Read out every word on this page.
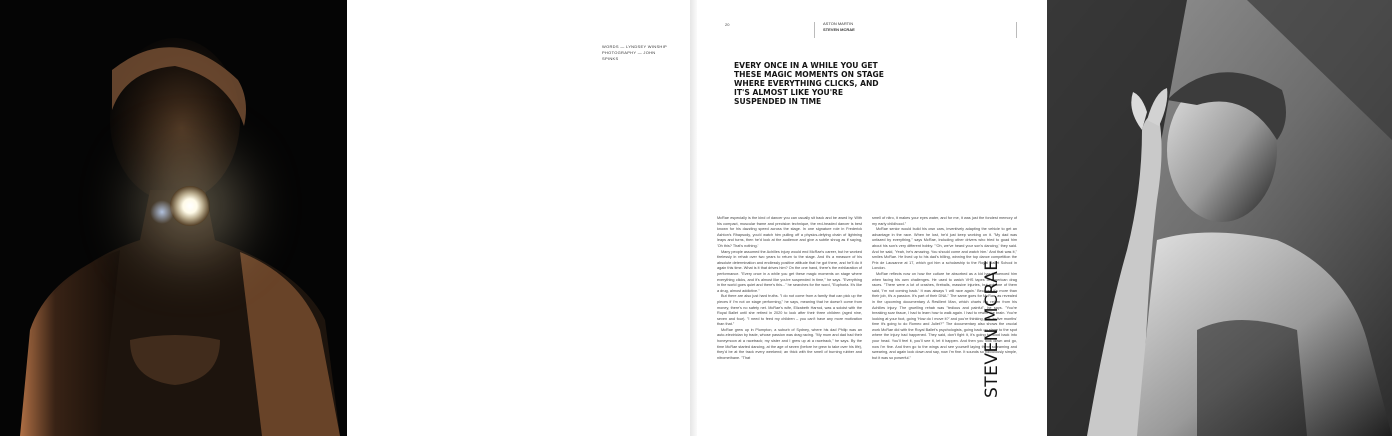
WORDS — LYNDSEY WINSHIP
PHOTOGRAPHY — JOHN SPINKS
20	ASTON MARTIN
STEVEN MCRAE
EVERY ONCE IN A WHILE YOU GET THESE MAGIC MOMENTS ON STAGE WHERE EVERYTHING CLICKS, AND IT'S ALMOST LIKE YOU'RE SUSPENDED IN TIME

McRae especially is the kind of dancer you can usually sit back and be awed by. With his compact, muscular frame and precision technique, the red-headed dancer is best known for his dazzling speed across the stage. In one signature role in Frederick Ashton's Rhapsody, you'd watch him pulling off a physics-defying chain of lightning leaps and turns, then he'd look at the audience and give a subtle shrug as if saying, 'Oh this? That's nothing.'

Many people assumed the Achilles injury would end McRae's career, but he worked tirelessly in rehab over two years to return to the stage. And it's a measure of his absolute determination and endlessly positive attitude that he got there, and he'll do it again this time. What is it that drives him? On the one hand, there's the exhilaration of performance. "Every once in a while you get these magic moments on stage where everything clicks, and it's almost like you're suspended in time," he says. "Everything in the world goes quiet and there's this..." he searches for the word, "Euphoria. It's like a drug, almost addictive."

But there are also just hard truths. "I do not come from a family that can pick up the pieces if I'm not on stage performing," he says, meaning that he doesn't come from money, there's no safety net. McRae's wife, Elizabeth Harrod, was a soloist with the Royal Ballet until she retired in 2020 to look after their three children (aged nine, seven and four). "I need to feed my children – you can't have any more motivation than that."

McRae grew up in Plumpton, a suburb of Sydney, where his dad Philip was an auto-electrician by trade, whose passion was drag racing. "My mum and dad had their honeymoon at a racetrack; my sister and I grew up at a racetrack," he says. By the time McRae started dancing, at the age of seven (before he grew to take over his life), they'd be at the track every weekend; an thick with the smell of burning rubber and nitromethane. "That

smell of nitro, it makes your eyes water, and for me, it was just the fondest memory of my early childhood."

McRae senior would build his own cars, inventively adapting the vehicle to get an advantage in the race. When he lost, he'd just keep working on it. "My dad was unfazed by everything," says McRae, including other drivers who tried to goad him about his son's very different hobby. "'Oh, we've heard your son's dancing,' they said. And he said, 'Yeah, he's amazing. You should come and watch him.' And that was it," smiles McRae. He lived up to his dad's billing, winning the top dance competition the Prix de Lausanne at 17, which got him a scholarship to the Royal Ballet School in London.

McRae reflects now on how the culture he absorbed as a kid has influenced him when facing his own challenges. He used to watch VHS tapes of American drag races. "There were a lot of crashes, fireballs, massive injuries, but not one of them said, 'I'm not coming back.' It was always 'I will race again.' Because it's more than their job, it's a passion. It's part of their DNA." The same goes for McRae, as revealed in the upcoming documentary A Resilient Man, which charts his return from his Achilles injury. The gruelling rehab was "tedious and painful", he says. "You're breaking scar tissue, I had to learn how to walk again. I had to rewire the brain. You're looking at your foot, going 'How do I move it?' and you're thinking, 'Ok, in five months' time it's going to do Romeo and Juliet?'" The documentary also shows the crucial work McRae did with the Royal Ballet's psychologists, going back on stage to the spot where the injury had happened. They said, don't fight it, it's going to flood back into your head. You'll feel it, you'll see it, let it happen. And then you look down and go, now I'm fine. And then go to the wings and see yourself laying there screaming and swearing, and again look down and say, now I'm fine. It sounds so ridiculously simple, but it was so powerful."	STEVEN MCRAE
